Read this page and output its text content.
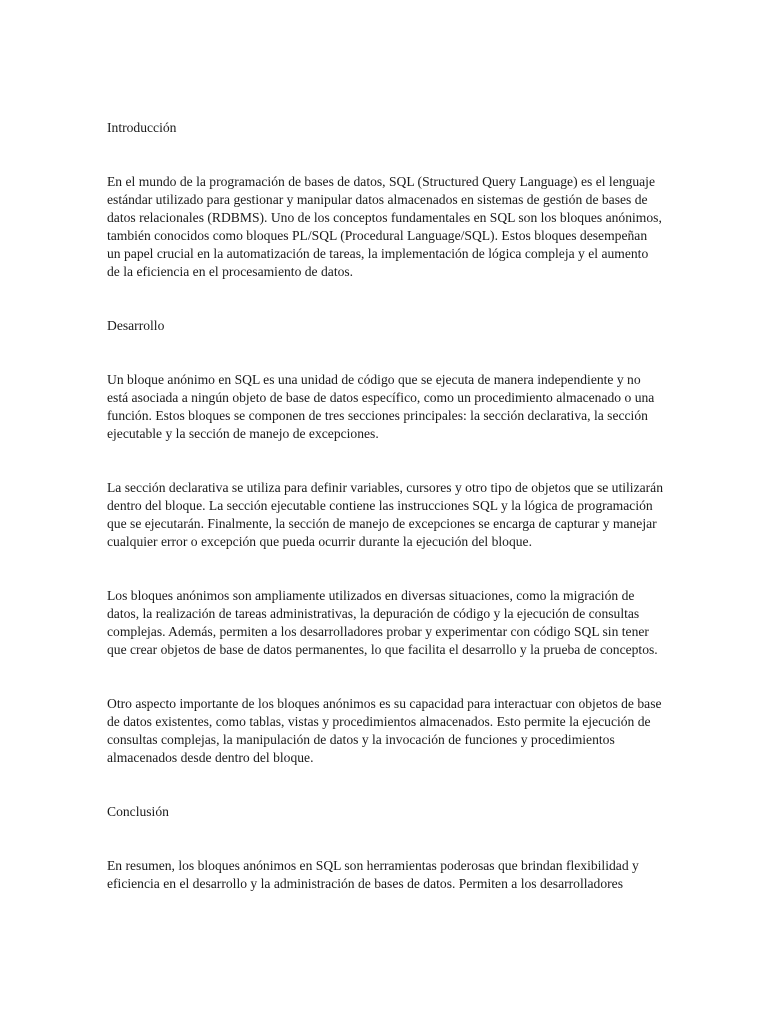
Introducción

En el mundo de la programación de bases de datos, SQL (Structured Query Language) es el lenguaje estándar utilizado para gestionar y manipular datos almacenados en sistemas de gestión de bases de datos relacionales (RDBMS). Uno de los conceptos fundamentales en SQL son los bloques anónimos, también conocidos como bloques PL/SQL (Procedural Language/SQL). Estos bloques desempeñan un papel crucial en la automatización de tareas, la implementación de lógica compleja y el aumento de la eficiencia en el procesamiento de datos.

Desarrollo

Un bloque anónimo en SQL es una unidad de código que se ejecuta de manera independiente y no está asociada a ningún objeto de base de datos específico, como un procedimiento almacenado o una función. Estos bloques se componen de tres secciones principales: la sección declarativa, la sección ejecutable y la sección de manejo de excepciones.

La sección declarativa se utiliza para definir variables, cursores y otro tipo de objetos que se utilizarán dentro del bloque. La sección ejecutable contiene las instrucciones SQL y la lógica de programación que se ejecutarán. Finalmente, la sección de manejo de excepciones se encarga de capturar y manejar cualquier error o excepción que pueda ocurrir durante la ejecución del bloque.

Los bloques anónimos son ampliamente utilizados en diversas situaciones, como la migración de datos, la realización de tareas administrativas, la depuración de código y la ejecución de consultas complejas. Además, permiten a los desarrolladores probar y experimentar con código SQL sin tener que crear objetos de base de datos permanentes, lo que facilita el desarrollo y la prueba de conceptos.

Otro aspecto importante de los bloques anónimos es su capacidad para interactuar con objetos de base de datos existentes, como tablas, vistas y procedimientos almacenados. Esto permite la ejecución de consultas complejas, la manipulación de datos y la invocación de funciones y procedimientos almacenados desde dentro del bloque.

Conclusión

En resumen, los bloques anónimos en SQL son herramientas poderosas que brindan flexibilidad y eficiencia en el desarrollo y la administración de bases de datos. Permiten a los desarrolladores
